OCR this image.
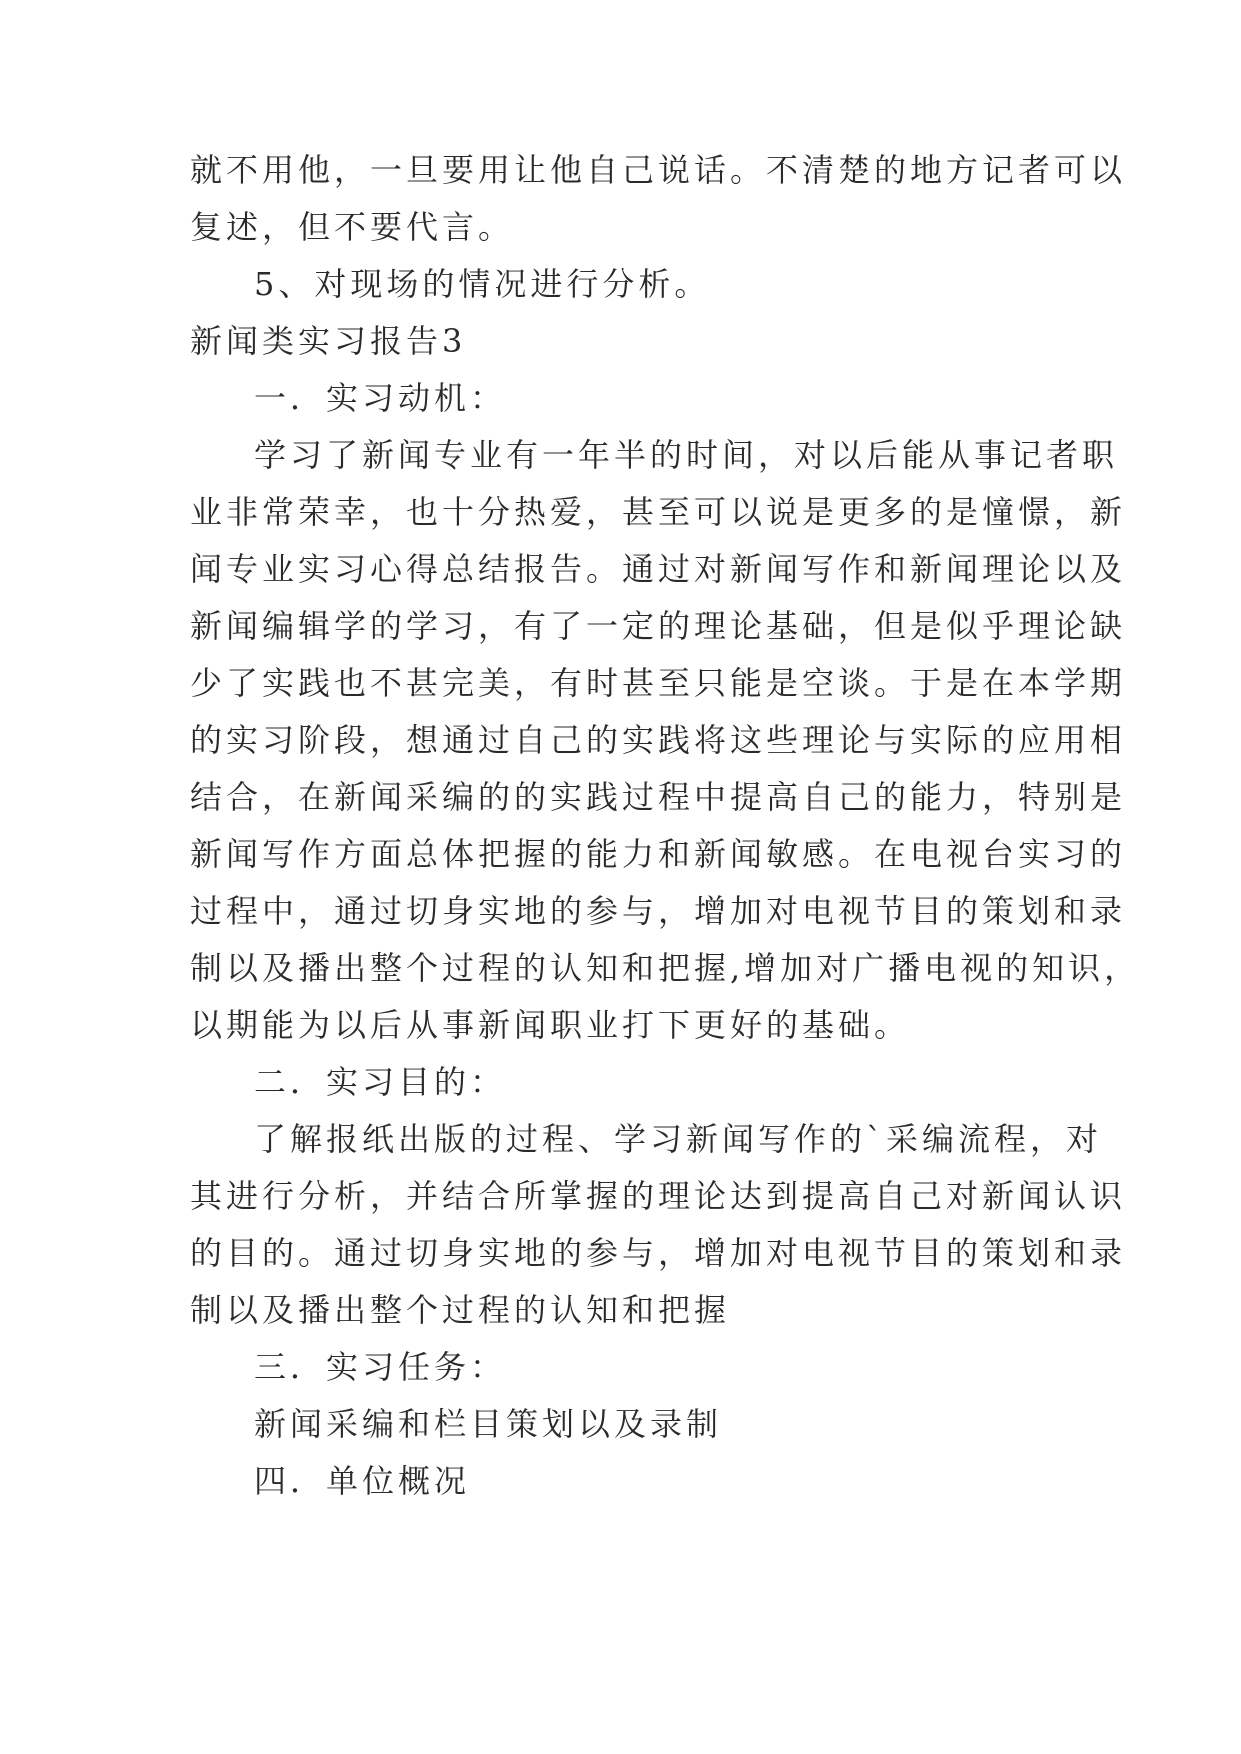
就不用他，一旦要用让他自己说话。不清楚的地方记者可以
复述，但不要代言。
5、对现场的情况进行分析。
新闻类实习报告3
一．实习动机：
学习了新闻专业有一年半的时间，对以后能从事记者职
业非常荣幸，也十分热爱，甚至可以说是更多的是憧憬，新
闻专业实习心得总结报告。通过对新闻写作和新闻理论以及
新闻编辑学的学习，有了一定的理论基础，但是似乎理论缺
少了实践也不甚完美，有时甚至只能是空谈。于是在本学期
的实习阶段，想通过自己的实践将这些理论与实际的应用相
结合，在新闻采编的的实践过程中提高自己的能力，特别是
新闻写作方面总体把握的能力和新闻敏感。在电视台实习的
过程中，通过切身实地的参与，增加对电视节目的策划和录
制以及播出整个过程的认知和把握,增加对广播电视的知识，
以期能为以后从事新闻职业打下更好的基础。
二．实习目的：
了解报纸出版的过程、学习新闻写作的`采编流程，对
其进行分析，并结合所掌握的理论达到提高自己对新闻认识
的目的。通过切身实地的参与，增加对电视节目的策划和录
制以及播出整个过程的认知和把握
三．实习任务：
新闻采编和栏目策划以及录制
四．单位概况
